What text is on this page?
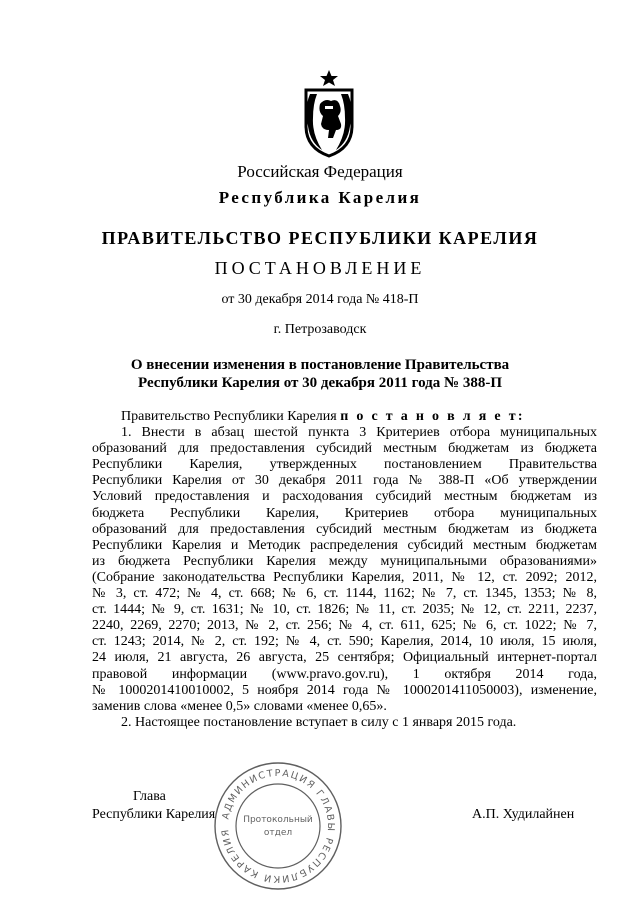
Российская Федерация
Республика Карелия
ПРАВИТЕЛЬСТВО РЕСПУБЛИКИ КАРЕЛИЯ
ПОСТАНОВЛЕНИЕ
от 30 декабря 2014 года № 418-П
г. Петрозаводск
О внесении изменения в постановление Правительства
Республики Карелия от 30 декабря 2011 года № 388-П
Правительство Республики Карелия п о с т а н о в л я е т:
1. Внести в абзац шестой пункта 3 Критериев отбора муниципальных
образований для предоставления субсидий местным бюджетам из бюджета
Республики Карелия, утвержденных постановлением Правительства
Республики Карелия от 30 декабря 2011 года № 388-П «Об утверждении
Условий предоставления и расходования субсидий местным бюджетам из
бюджета Республики Карелия, Критериев отбора муниципальных
образований для предоставления субсидий местным бюджетам из бюджета
Республики Карелия и Методик распределения субсидий местным бюджетам
из бюджета Республики Карелия между муниципальными образованиями»
(Собрание законодательства Республики Карелия, 2011, № 12, ст. 2092; 2012,
№ 3, ст. 472; № 4, ст. 668; № 6, ст. 1144, 1162; № 7, ст. 1345, 1353; № 8,
ст. 1444; № 9, ст. 1631; № 10, ст. 1826; № 11, ст. 2035; № 12, ст. 2211, 2237,
2240, 2269, 2270; 2013, № 2, ст. 256; № 4, ст. 611, 625; № 6, ст. 1022; № 7,
ст. 1243; 2014, № 2, ст. 192; № 4, ст. 590; Карелия, 2014, 10 июля, 15 июля,
24 июля, 21 августа, 26 августа, 25 сентября; Официальный интернет-портал
правовой информации (www.pravo.gov.ru), 1 октября 2014 года,
№ 1000201410010002, 5 ноября 2014 года № 1000201411050003), изменение,
заменив слова «менее 0,5» словами «менее 0,65».
2. Настоящее постановление вступает в силу с 1 января 2015 года.
Глава
Республики Карелия	А.П. Худилайнен
АДМИНИСТРАЦИЯ ГЛАВЫ РЕСПУБЛИКИ КАРЕЛИЯ
Протокольный
отдел
